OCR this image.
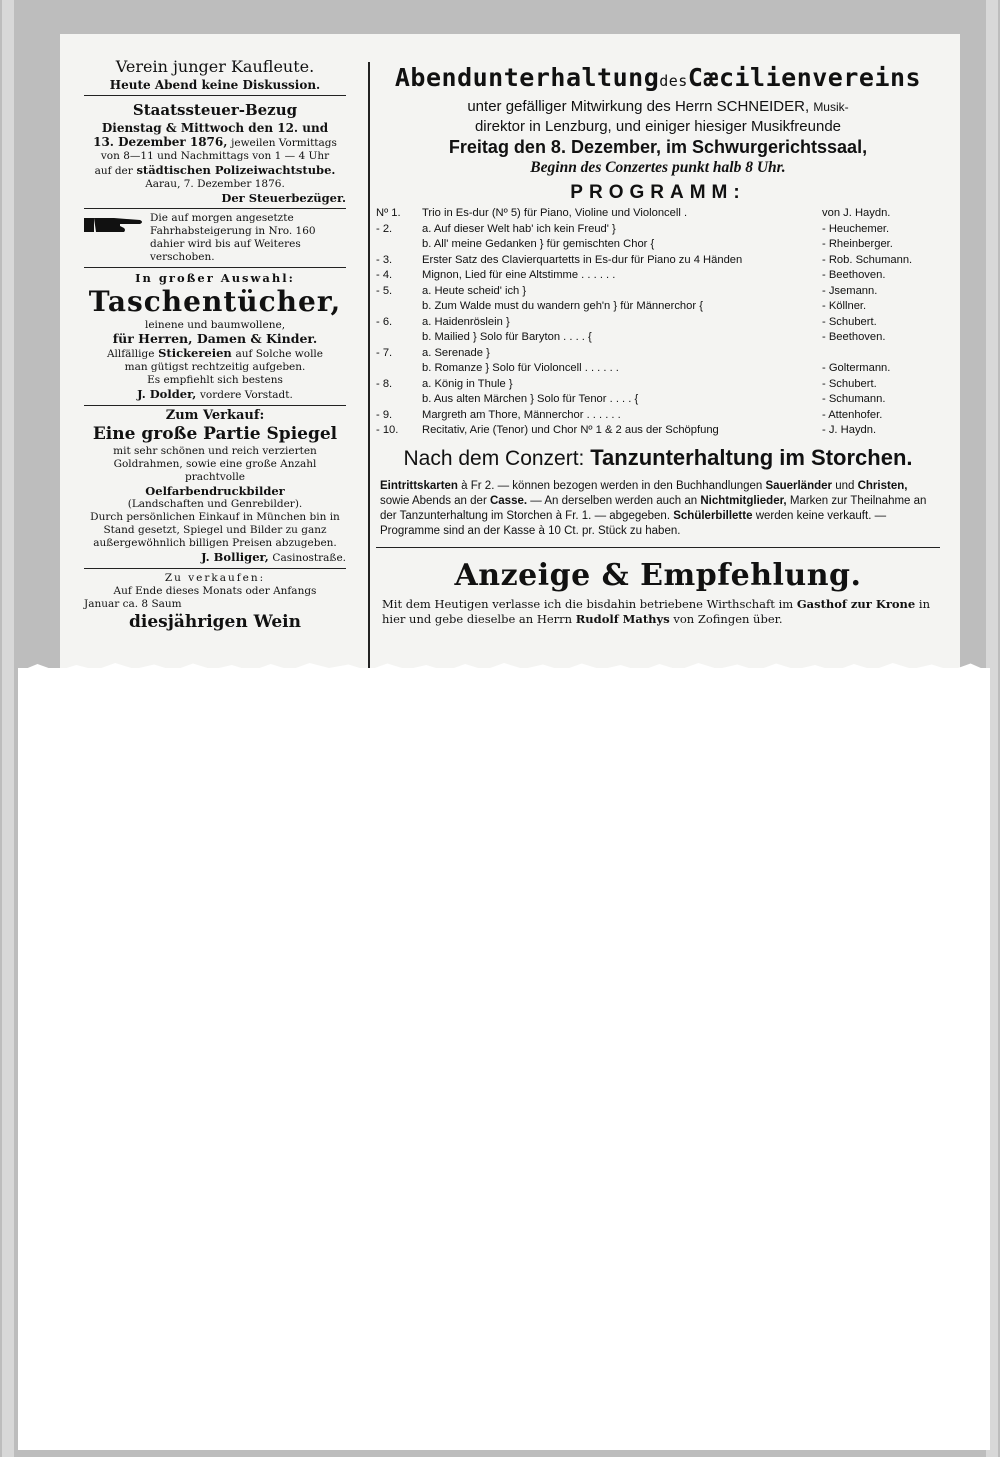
Verein junger Kaufleute.
Heute Abend keine Diskussion.
Staatssteuer-Bezug
Dienstag & Mittwoch den 12. und
13. Dezember 1876, jeweilen Vormittags
von 8—11 und Nachmittags von 1 — 4 Uhr
auf der städtischen Polizeiwachtstube.
Aarau, 7. Dezember 1876.
Der Steuerbezüger.
Die auf morgen angesetzte Fahrhabsteigerung in Nro. 160 dahier wird bis auf Weiteres verschoben.
In großer Auswahl:
Taschentücher,
leinene und baumwollene,
für Herren, Damen & Kinder.
Allfällige Stickereien auf Solche wolle
man gütigst rechtzeitig aufgeben.
Es empfiehlt sich bestens
J. Dolder, vordere Vorstadt.
Zum Verkauf:
Eine große Partie Spiegel
mit sehr schönen und reich verzierten Goldrahmen, sowie eine große Anzahl prachtvolle
Oelfarbendruckbilder
(Landschaften und Genrebilder).
Durch persönlichen Einkauf in München bin in Stand gesetzt, Spiegel und Bilder zu ganz außergewöhnlich billigen Preisen abzugeben.
J. Bolliger, Casinostraße.
Zu verkaufen:
Auf Ende dieses Monats oder Anfangs
Januar ca. 8 Saum
diesjährigen Wein
AbendunterhaltungdesCæcilienvereins
unter gefälliger Mitwirkung des Herrn SCHNEIDER, Musik-
direktor in Lenzburg, und einiger hiesiger Musikfreunde
Freitag den 8. Dezember, im Schwurgerichtssaal,
Beginn des Conzertes punkt halb 8 Uhr.
PROGRAMM:
Nº 1.	Trio in Es-dur (Nº 5) für Piano, Violine und Violoncell .	von J. Haydn.
- 2.	a. Auf dieser Welt hab' ich kein Freud' }	- Heuchemer.
b. All' meine Gedanken } für gemischten Chor {	- Rheinberger.
- 3.	Erster Satz des Clavierquartetts in Es-dur für Piano zu 4 Händen	- Rob. Schumann.
- 4.	Mignon, Lied für eine Altstimme . . . . . .	- Beethoven.
- 5.	a. Heute scheid' ich }	- Jsemann.
b. Zum Walde must du wandern geh'n } für Männerchor {	- Köllner.
- 6.	a. Haidenröslein }	- Schubert.
b. Mailied } Solo für Baryton . . . . {	- Beethoven.
- 7.	a. Serenade }
b. Romanze } Solo für Violoncell . . . . . .	- Goltermann.
- 8.	a. König in Thule }	- Schubert.
b. Aus alten Märchen } Solo für Tenor . . . . {	- Schumann.
- 9.	Margreth am Thore, Männerchor . . . . . .	- Attenhofer.
- 10.	Recitativ, Arie (Tenor) und Chor Nº 1 & 2 aus der Schöpfung	- J. Haydn.
Nach dem Conzert: Tanzunterhaltung im Storchen.
Eintrittskarten à Fr 2. — können bezogen werden in den Buchhandlungen Sauerländer und Christen, sowie Abends an der Casse. — An derselben werden auch an Nichtmitglieder, Marken zur Theilnahme an der Tanzunterhaltung im Storchen à Fr. 1. — abgegeben. Schülerbillette werden keine verkauft. — Programme sind an der Kasse à 10 Ct. pr. Stück zu haben.
Anzeige & Empfehlung.
Mit dem Heutigen verlasse ich die bisdahin betriebene Wirthschaft im Gasthof zur Krone in hier und gebe dieselbe an Herrn Rudolf Mathys von Zofingen über.
